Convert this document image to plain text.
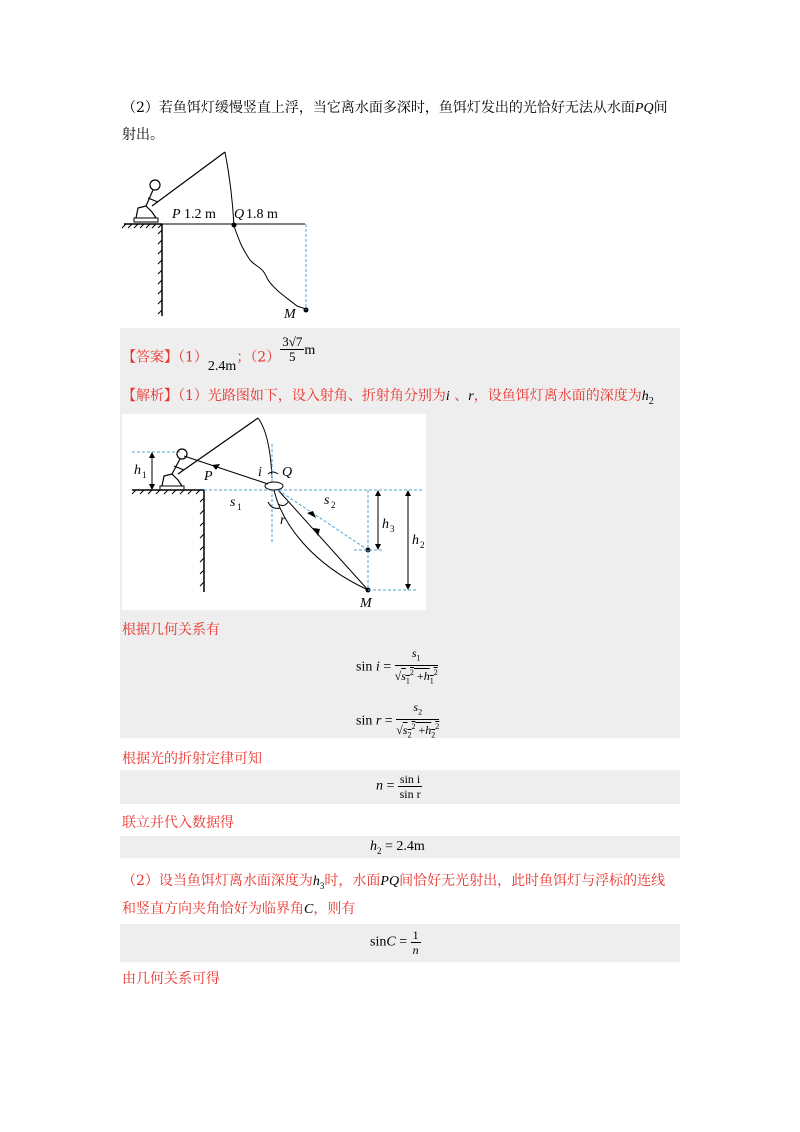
（2）若鱼饵灯缓慢竖直上浮，当它离水面多深时，鱼饵灯发出的光恰好无法从水面PQ间
射出。
P 1.2 m Q 1.8 m
M
【答案】（1）2.4m；$(2) \frac{3√7}{5}$ m
【解析】（1）光路图如下，设入射角、折射角分别为i 、r，设鱼饵灯离水面的深度为$h_2$
h 1	P	i Q
s 1	s 2
r	h 3
h 2
M
根据几何关系有
$\sin i = \frac{s_1}{√s_1^2 +h_1^2}$
$\sin r = \frac{s_2}{√s_2^2 +h_2^2}$
根据光的折射定律可知
$n = \frac{\text{sin i}}{\text{sin r}}$
联立并代入数据得
$h_2 = 2.4m$
（2）设当鱼饵灯离水面深度为$h_3$时，水面PQ间恰好无光射出，此时鱼饵灯与浮标的连线
和竖直方向夹角恰好为临界角C，则有
$\sin C = \frac{1}{n}$
由几何关系可得
